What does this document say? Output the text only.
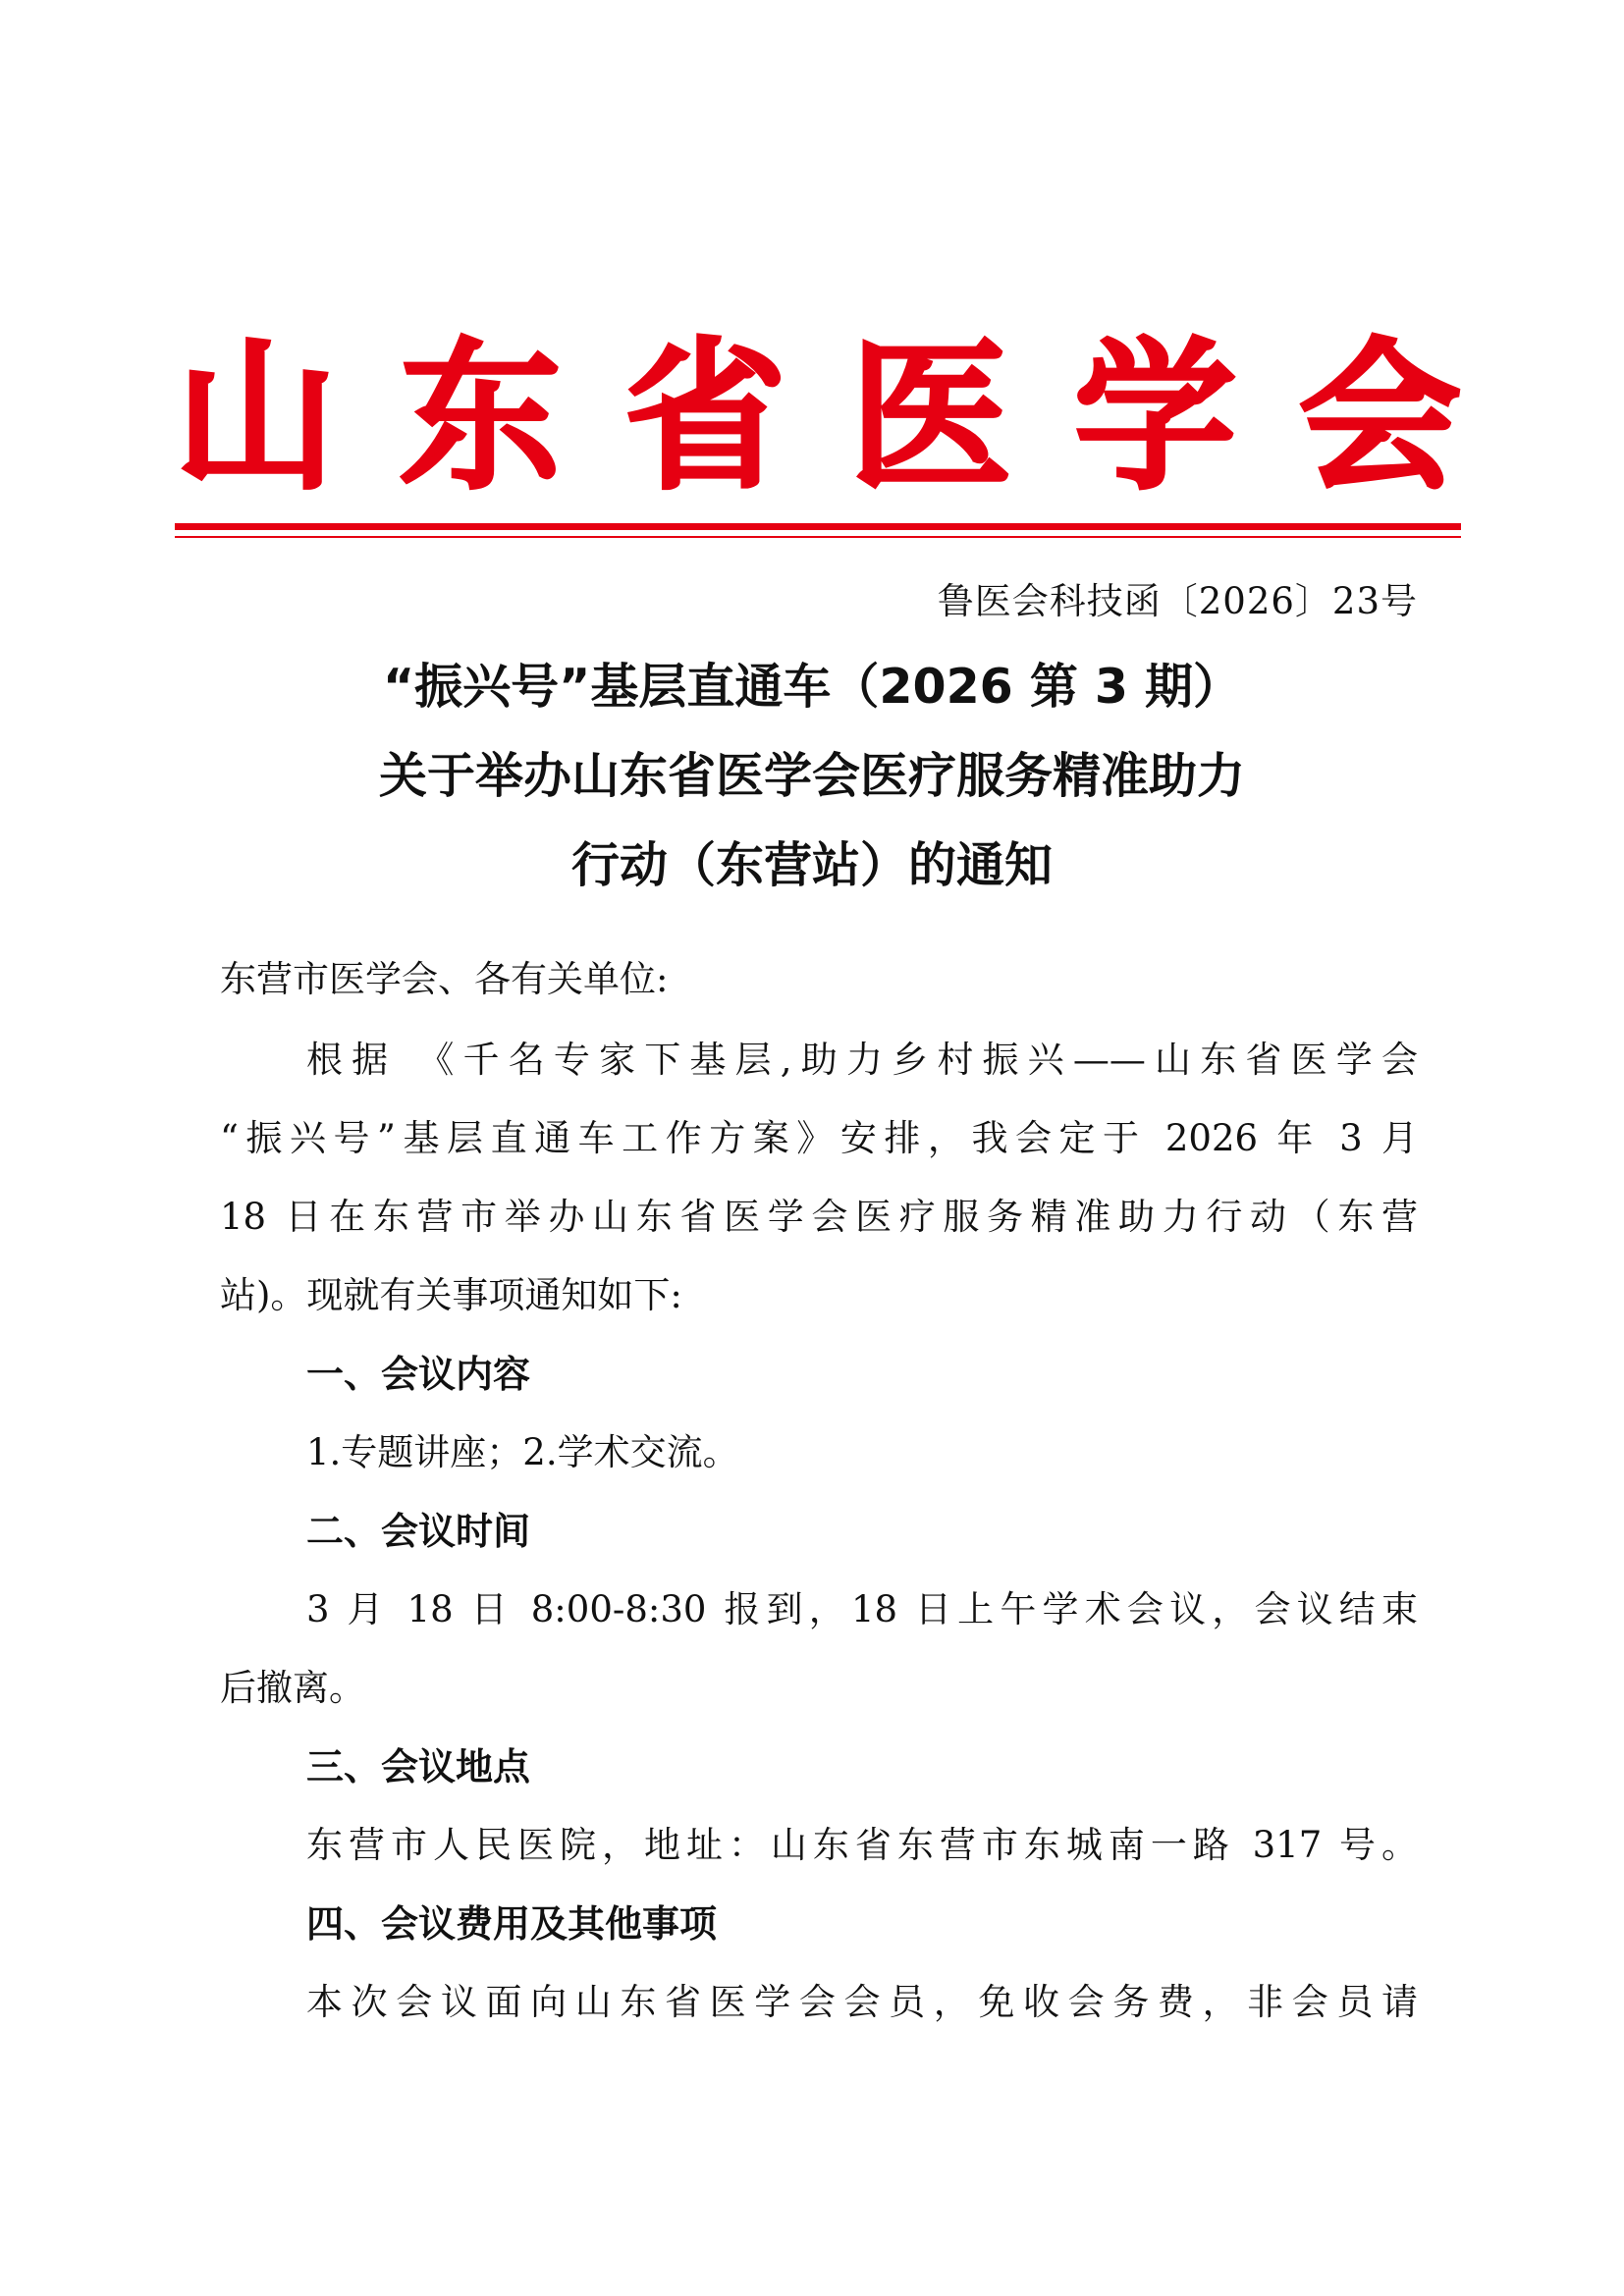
山 东 省 医 学 会
鲁医会科技函〔2026〕23号
“振兴号”基层直通车（2026 第 3 期）
关于举办山东省医学会医疗服务精准助力
行动（东营站）的通知
东营市医学会、各有关单位:
根据 《千名专家下基层,助力乡村振兴——山东省医学会
“振兴号”基层直通车工作方案》安排，我会定于 2026 年 3 月
18 日在东营市举办山东省医学会医疗服务精准助力行动（东营
站)。现就有关事项通知如下:
一、会议内容
1.专题讲座；2.学术交流。
二、会议时间
3 月 18 日 8:00-8:30 报到，18 日上午学术会议，会议结束
后撤离。
三、会议地点
东营市人民医院，地址：山东省东营市东城南一路 317 号。
四、会议费用及其他事项
本次会议面向山东省医学会会员，免收会务费，非会员请
